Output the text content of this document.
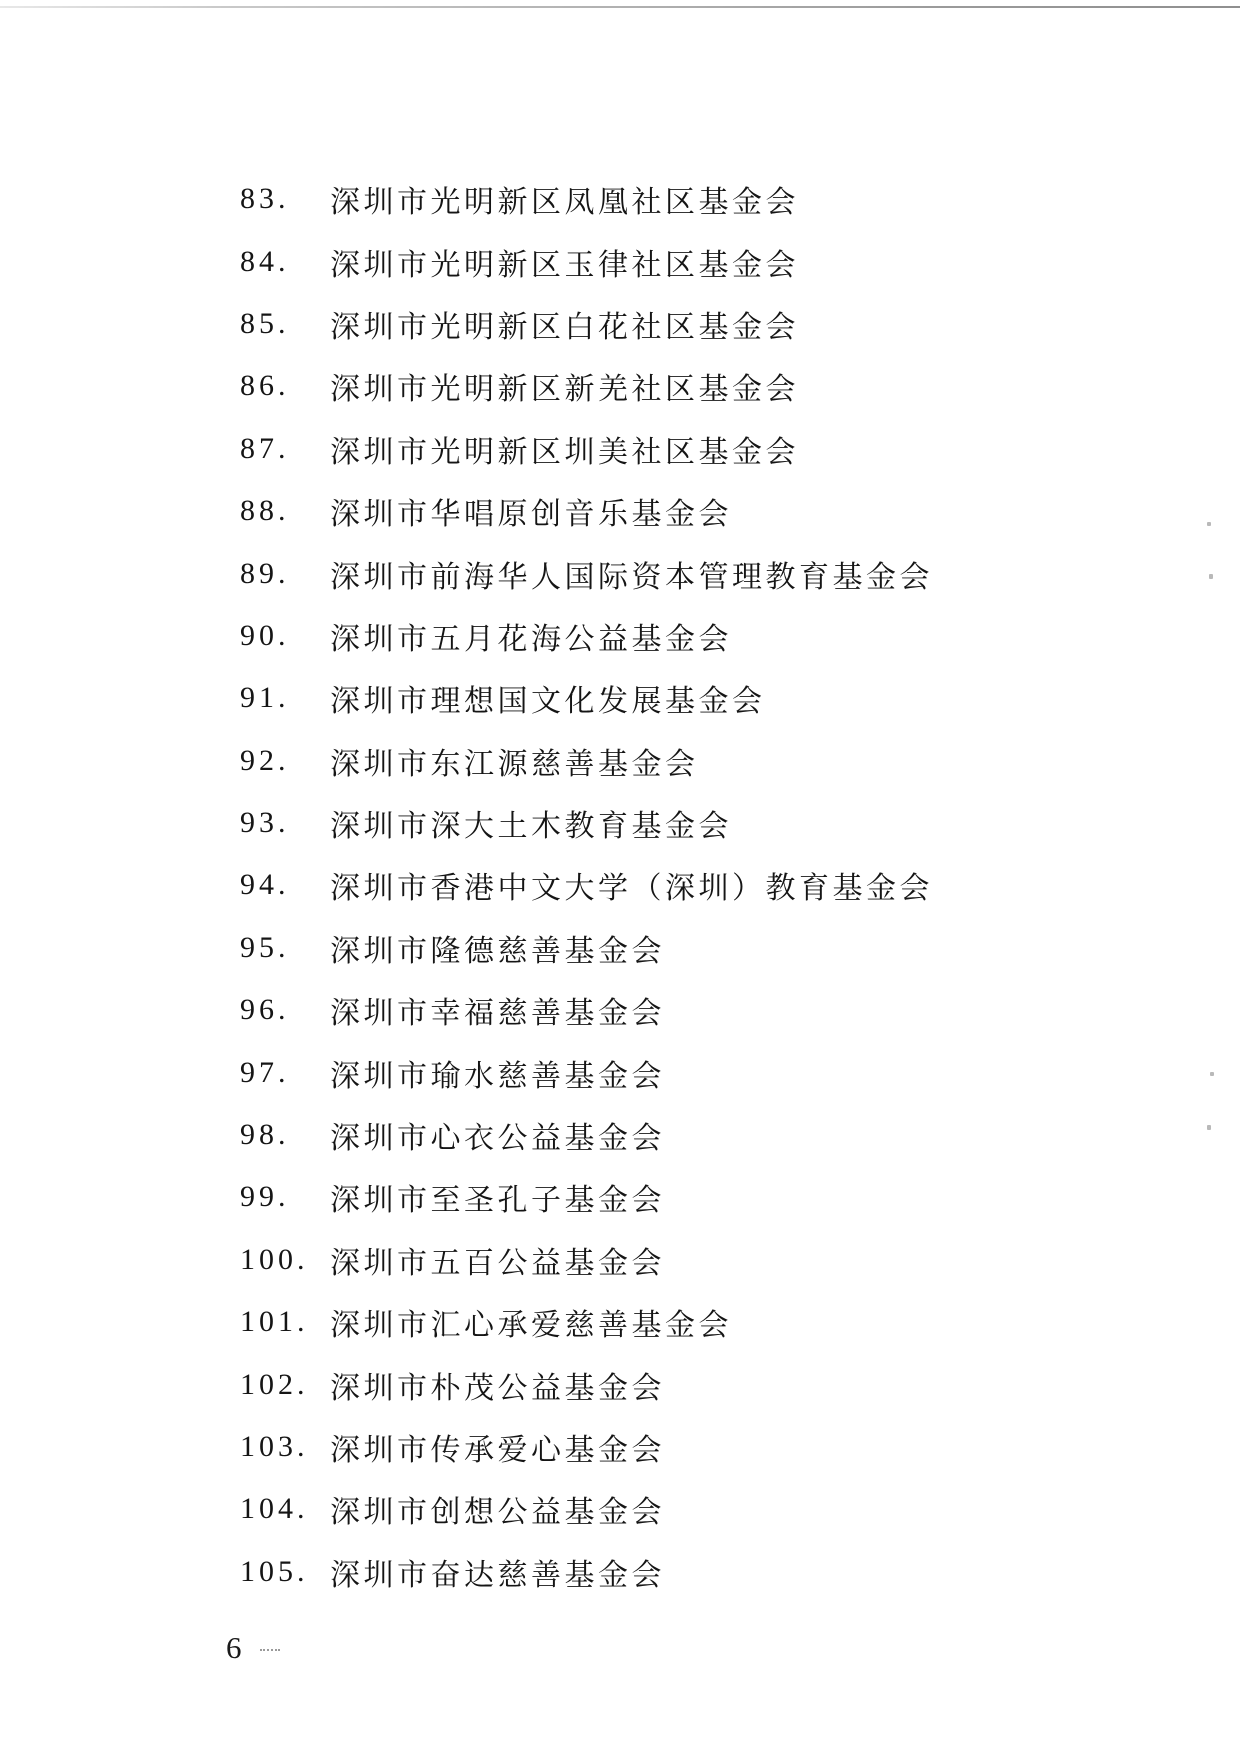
83.	深圳市光明新区凤凰社区基金会
84.	深圳市光明新区玉律社区基金会
85.	深圳市光明新区白花社区基金会
86.	深圳市光明新区新羌社区基金会
87.	深圳市光明新区圳美社区基金会
88.	深圳市华唱原创音乐基金会
89.	深圳市前海华人国际资本管理教育基金会
90.	深圳市五月花海公益基金会
91.	深圳市理想国文化发展基金会
92.	深圳市东江源慈善基金会
93.	深圳市深大土木教育基金会
94.	深圳市香港中文大学（深圳）教育基金会
95.	深圳市隆德慈善基金会
96.	深圳市幸福慈善基金会
97.	深圳市瑜水慈善基金会
98.	深圳市心衣公益基金会
99.	深圳市至圣孔子基金会
100. 深圳市五百公益基金会
101. 深圳市汇心承爱慈善基金会
102. 深圳市朴茂公益基金会
103. 深圳市传承爱心基金会
104. 深圳市创想公益基金会
105. 深圳市奋达慈善基金会
6
